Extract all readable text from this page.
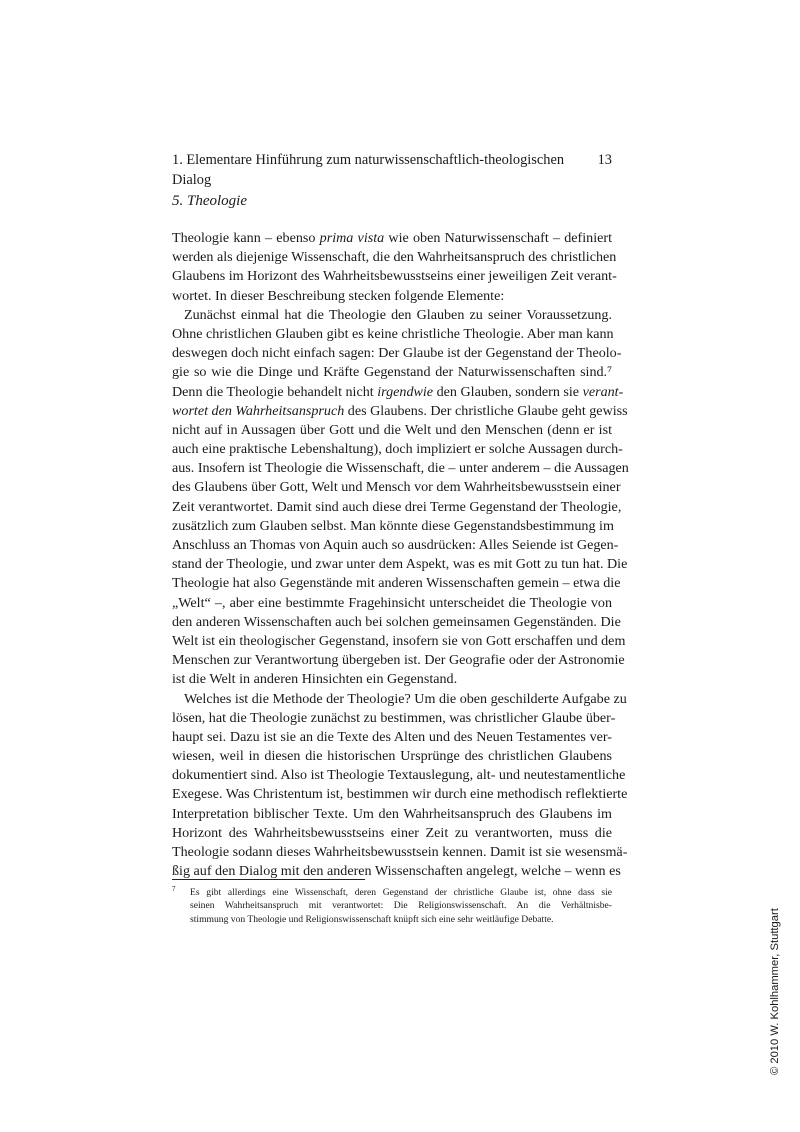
1. Elementare Hinführung zum naturwissenschaftlich-theologischen Dialog
13
5. Theologie
Theologie kann – ebenso prima vista wie oben Naturwissenschaft – definiert
werden als diejenige Wissenschaft, die den Wahrheitsanspruch des christlichen
Glaubens im Horizont des Wahrheitsbewusstseins einer jeweiligen Zeit verant-
wortet. In dieser Beschreibung stecken folgende Elemente:
Zunächst einmal hat die Theologie den Glauben zu seiner Voraussetzung.
Ohne christlichen Glauben gibt es keine christliche Theologie. Aber man kann
deswegen doch nicht einfach sagen: Der Glaube ist der Gegenstand der Theolo-
gie so wie die Dinge und Kräfte Gegenstand der Naturwissenschaften sind.⁷
Denn die Theologie behandelt nicht irgendwie den Glauben, sondern sie verant-
wortet den Wahrheitsanspruch des Glaubens. Der christliche Glaube geht gewiss
nicht auf in Aussagen über Gott und die Welt und den Menschen (denn er ist
auch eine praktische Lebenshaltung), doch impliziert er solche Aussagen durch-
aus. Insofern ist Theologie die Wissenschaft, die – unter anderem – die Aussagen
des Glaubens über Gott, Welt und Mensch vor dem Wahrheitsbewusstsein einer
Zeit verantwortet. Damit sind auch diese drei Terme Gegenstand der Theologie,
zusätzlich zum Glauben selbst. Man könnte diese Gegenstandsbestimmung im
Anschluss an Thomas von Aquin auch so ausdrücken: Alles Seiende ist Gegen-
stand der Theologie, und zwar unter dem Aspekt, was es mit Gott zu tun hat. Die
Theologie hat also Gegenstände mit anderen Wissenschaften gemein – etwa die
„Welt“ –, aber eine bestimmte Fragehinsicht unterscheidet die Theologie von
den anderen Wissenschaften auch bei solchen gemeinsamen Gegenständen. Die
Welt ist ein theologischer Gegenstand, insofern sie von Gott erschaffen und dem
Menschen zur Verantwortung übergeben ist. Der Geografie oder der Astronomie
ist die Welt in anderen Hinsichten ein Gegenstand.
Welches ist die Methode der Theologie? Um die oben geschilderte Aufgabe zu
lösen, hat die Theologie zunächst zu bestimmen, was christlicher Glaube über-
haupt sei. Dazu ist sie an die Texte des Alten und des Neuen Testamentes ver-
wiesen, weil in diesen die historischen Ursprünge des christlichen Glaubens
dokumentiert sind. Also ist Theologie Textauslegung, alt- und neutestamentliche
Exegese. Was Christentum ist, bestimmen wir durch eine methodisch reflektierte
Interpretation biblischer Texte. Um den Wahrheitsanspruch des Glaubens im
Horizont des Wahrheitsbewusstseins einer Zeit zu verantworten, muss die
Theologie sodann dieses Wahrheitsbewusstsein kennen. Damit ist sie wesensmä-
ßig auf den Dialog mit den anderen Wissenschaften angelegt, welche – wenn es
7 Es gibt allerdings eine Wissenschaft, deren Gegenstand der christliche Glaube ist, ohne dass sie
seinen Wahrheitsanspruch mit verantwortet: Die Religionswissenschaft. An die Verhältnisbe-
stimmung von Theologie und Religionswissenschaft knüpft sich eine sehr weitläufige Debatte.	© 2010 W. Kohlhammer, Stuttgart
